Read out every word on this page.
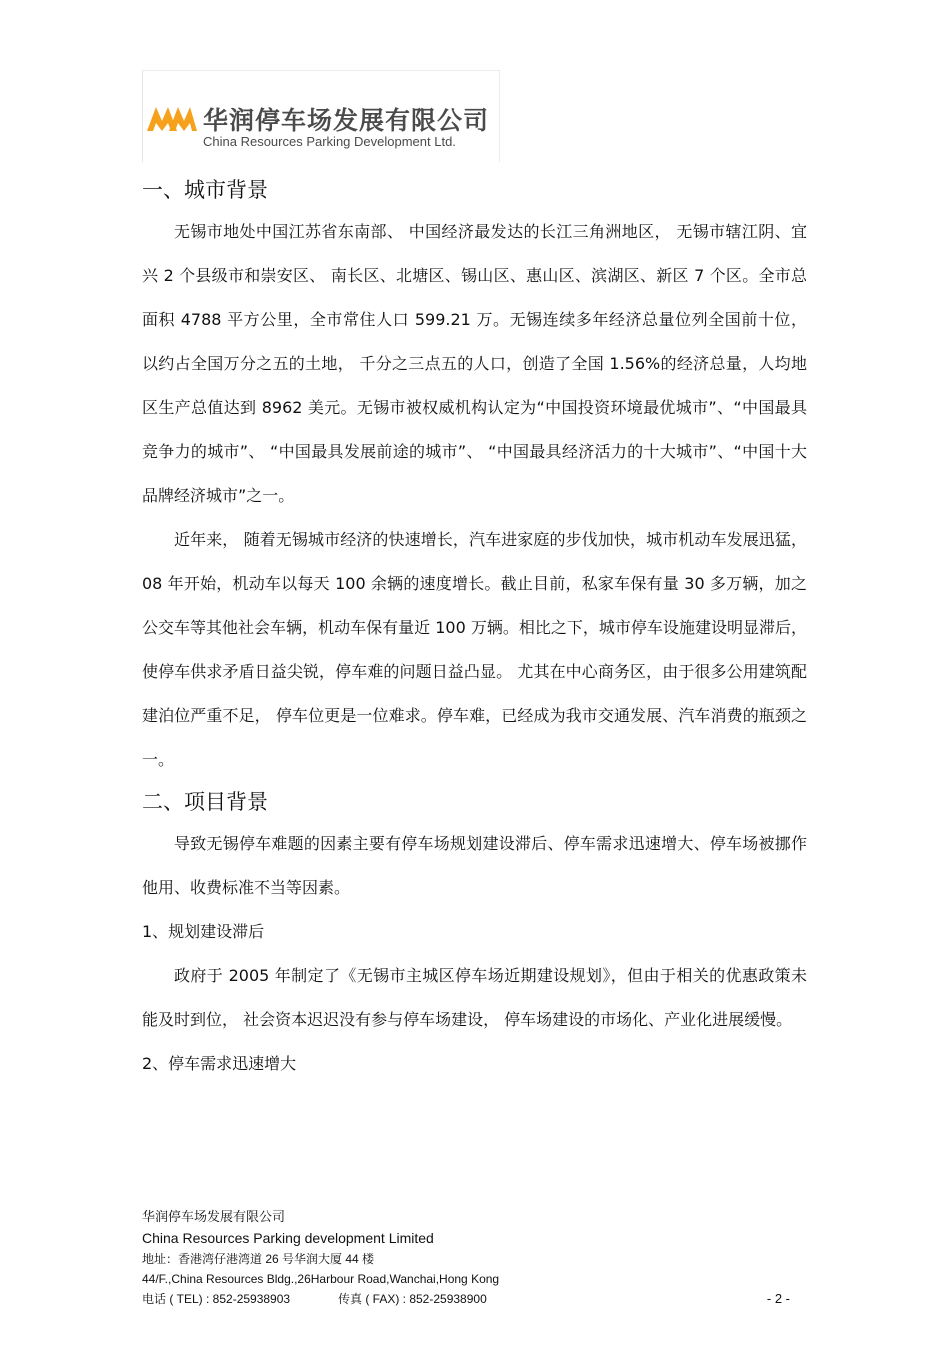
华润停车场发展有限公司
China Resources Parking Development Ltd.
一、城市背景

无锡市地处中国江苏省东南部、 中国经济最发达的长江三角洲地区， 无锡市辖江阴、宜兴 2 个县级市和崇安区、 南长区、北塘区、锡山区、惠山区、滨湖区、新区 7 个区。全市总面积 4788 平方公里，全市常住人口 599.21 万。无锡连续多年经济总量位列全国前十位， 以约占全国万分之五的土地， 千分之三点五的人口，创造了全国 1.56%的经济总量，人均地区生产总值达到 8962 美元。无锡市被权威机构认定为“中国投资环境最优城市”、“中国最具竞争力的城市”、 “中国最具发展前途的城市”、 “中国最具经济活力的十大城市”、“中国十大品牌经济城市”之一。

近年来， 随着无锡城市经济的快速增长，汽车进家庭的步伐加快，城市机动车发展迅猛， 08 年开始，机动车以每天 100 余辆的速度增长。截止目前，私家车保有量 30 多万辆，加之公交车等其他社会车辆，机动车保有量近 100 万辆。相比之下，城市停车设施建设明显滞后， 使停车供求矛盾日益尖锐，停车难的问题日益凸显。 尤其在中心商务区，由于很多公用建筑配建泊位严重不足， 停车位更是一位难求。停车难，已经成为我市交通发展、汽车消费的瓶颈之一。

二、项目背景

导致无锡停车难题的因素主要有停车场规划建设滞后、停车需求迅速增大、停车场被挪作他用、收费标准不当等因素。

1、规划建设滞后

政府于 2005 年制定了《无锡市主城区停车场近期建设规划》，但由于相关的优惠政策未能及时到位， 社会资本迟迟没有参与停车场建设， 停车场建设的市场化、产业化进展缓慢。

2、停车需求迅速增大

华润停车场发展有限公司
China Resources Parking development Limited
地址：香港湾仔港湾道 26 号华润大厦 44 楼
44/F.,China Resources Bldg.,26Harbour Road,Wanchai,Hong Kong
电话 ( TEL) : 852-25938903	传真 ( FAX) : 852-25938900	- 2 -
